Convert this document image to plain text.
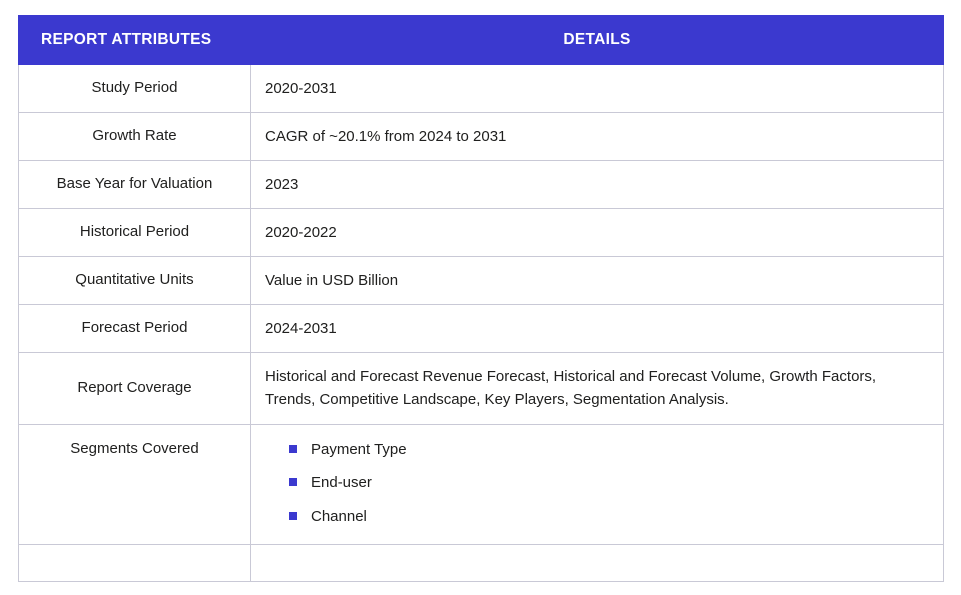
REPORT ATTRIBUTES	DETAILS
Study Period	2020-2031
Growth Rate	CAGR of ~20.1% from 2024 to 2031
Base Year for Valuation	2023
Historical Period	2020-2022
Quantitative Units	Value in USD Billion
Forecast Period	2024-2031
Report Coverage	Historical and Forecast Revenue Forecast, Historical and Forecast Volume, Growth Factors, Trends, Competitive Landscape, Key Players, Segmentation Analysis.
Segments Covered	Payment Type
End-user
Channel
